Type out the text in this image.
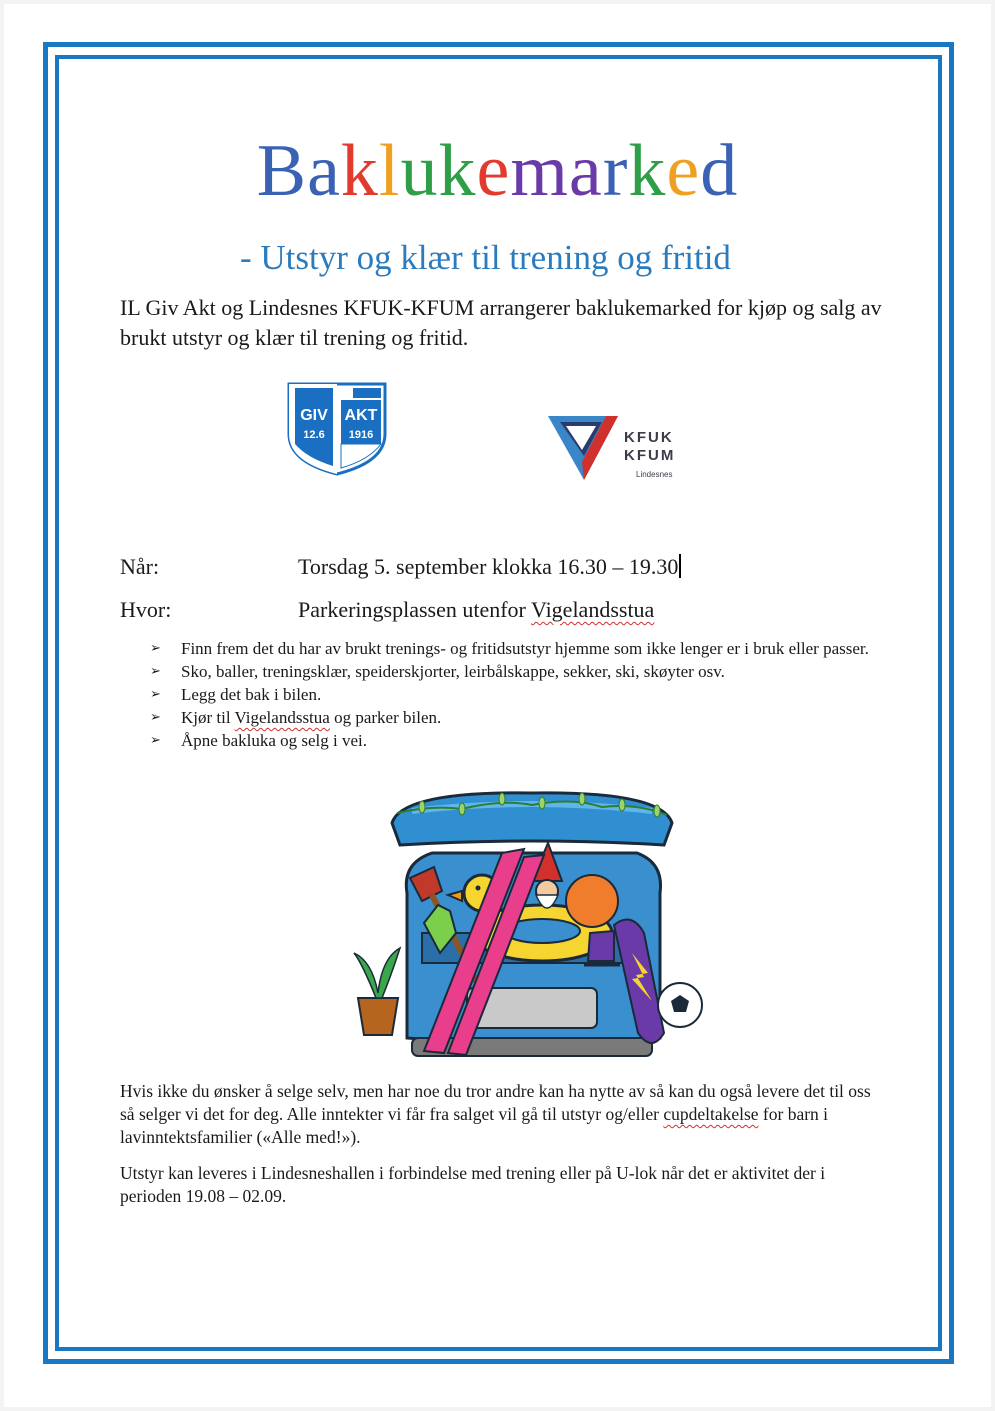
Baklukemarked
- Utstyr og klær til trening og fritid
IL Giv Akt og Lindesnes KFUK-KFUM arrangerer baklukemarked for kjøp og salg av brukt utstyr og klær til trening og fritid.
GIV AKT
12.6 1916	KFUK
KFUM
Lindesnes
Når:	Torsdag 5. september klokka 16.30 – 19.30
Hvor:	Parkeringsplassen utenfor Vigelandsstua
➢ Finn frem det du har av brukt trenings- og fritidsutstyr hjemme som ikke lenger er i bruk eller passer.
➢ Sko, baller, treningsklær, speiderskjorter, leirbålskappe, sekker, ski, skøyter osv.
➢ Legg det bak i bilen.
➢ Kjør til Vigelandsstua og parker bilen.
➢ Åpne bakluka og selg i vei.
Hvis ikke du ønsker å selge selv, men har noe du tror andre kan ha nytte av så kan du også levere det til oss så selger vi det for deg. Alle inntekter vi får fra salget vil gå til utstyr og/eller cupdeltakelse for barn i lavinntektsfamilier («Alle med!»).
Utstyr kan leveres i Lindesneshallen i forbindelse med trening eller på U-lok når det er aktivitet der i perioden 19.08 – 02.09.
